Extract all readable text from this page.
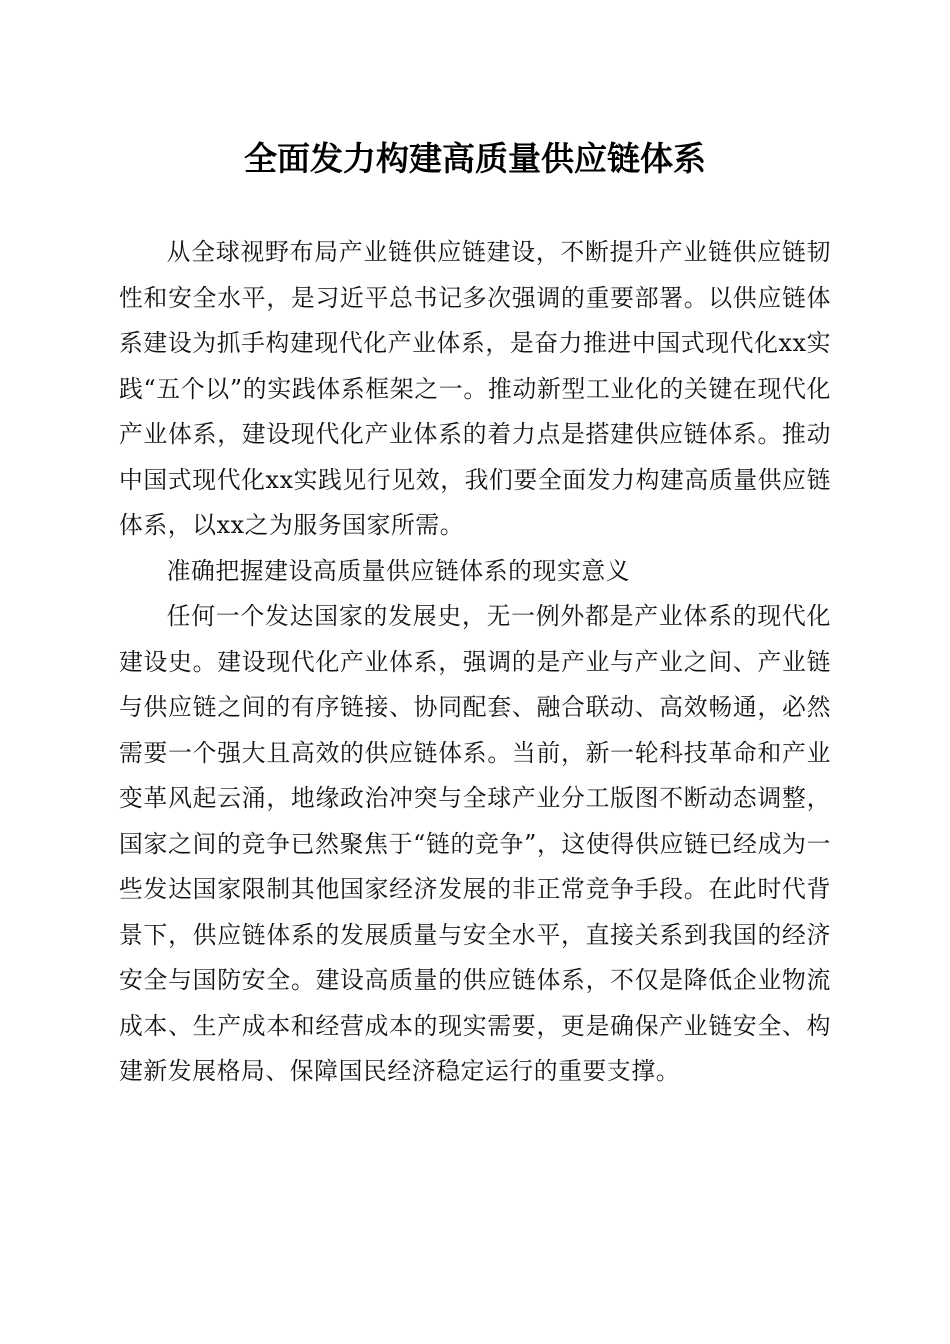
全面发力构建高质量供应链体系

从全球视野布局产业链供应链建设，不断提升产业链供应链韧性和安全水平，是习近平总书记多次强调的重要部署。以供应链体系建设为抓手构建现代化产业体系，是奋力推进中国式现代化xx实践“五个以”的实践体系框架之一。推动新型工业化的关键在现代化产业体系，建设现代化产业体系的着力点是搭建供应链体系。推动中国式现代化xx实践见行见效，我们要全面发力构建高质量供应链体系，以xx之为服务国家所需。

准确把握建设高质量供应链体系的现实意义

任何一个发达国家的发展史，无一例外都是产业体系的现代化建设史。建设现代化产业体系，强调的是产业与产业之间、产业链与供应链之间的有序链接、协同配套、融合联动、高效畅通，必然需要一个强大且高效的供应链体系。当前，新一轮科技革命和产业变革风起云涌，地缘政治冲突与全球产业分工版图不断动态调整，国家之间的竞争已然聚焦于“链的竞争”，这使得供应链已经成为一些发达国家限制其他国家经济发展的非正常竞争手段。在此时代背景下，供应链体系的发展质量与安全水平，直接关系到我国的经济安全与国防安全。建设高质量的供应链体系，不仅是降低企业物流成本、生产成本和经营成本的现实需要，更是确保产业链安全、构建新发展格局、保障国民经济稳定运行的重要支撑。
